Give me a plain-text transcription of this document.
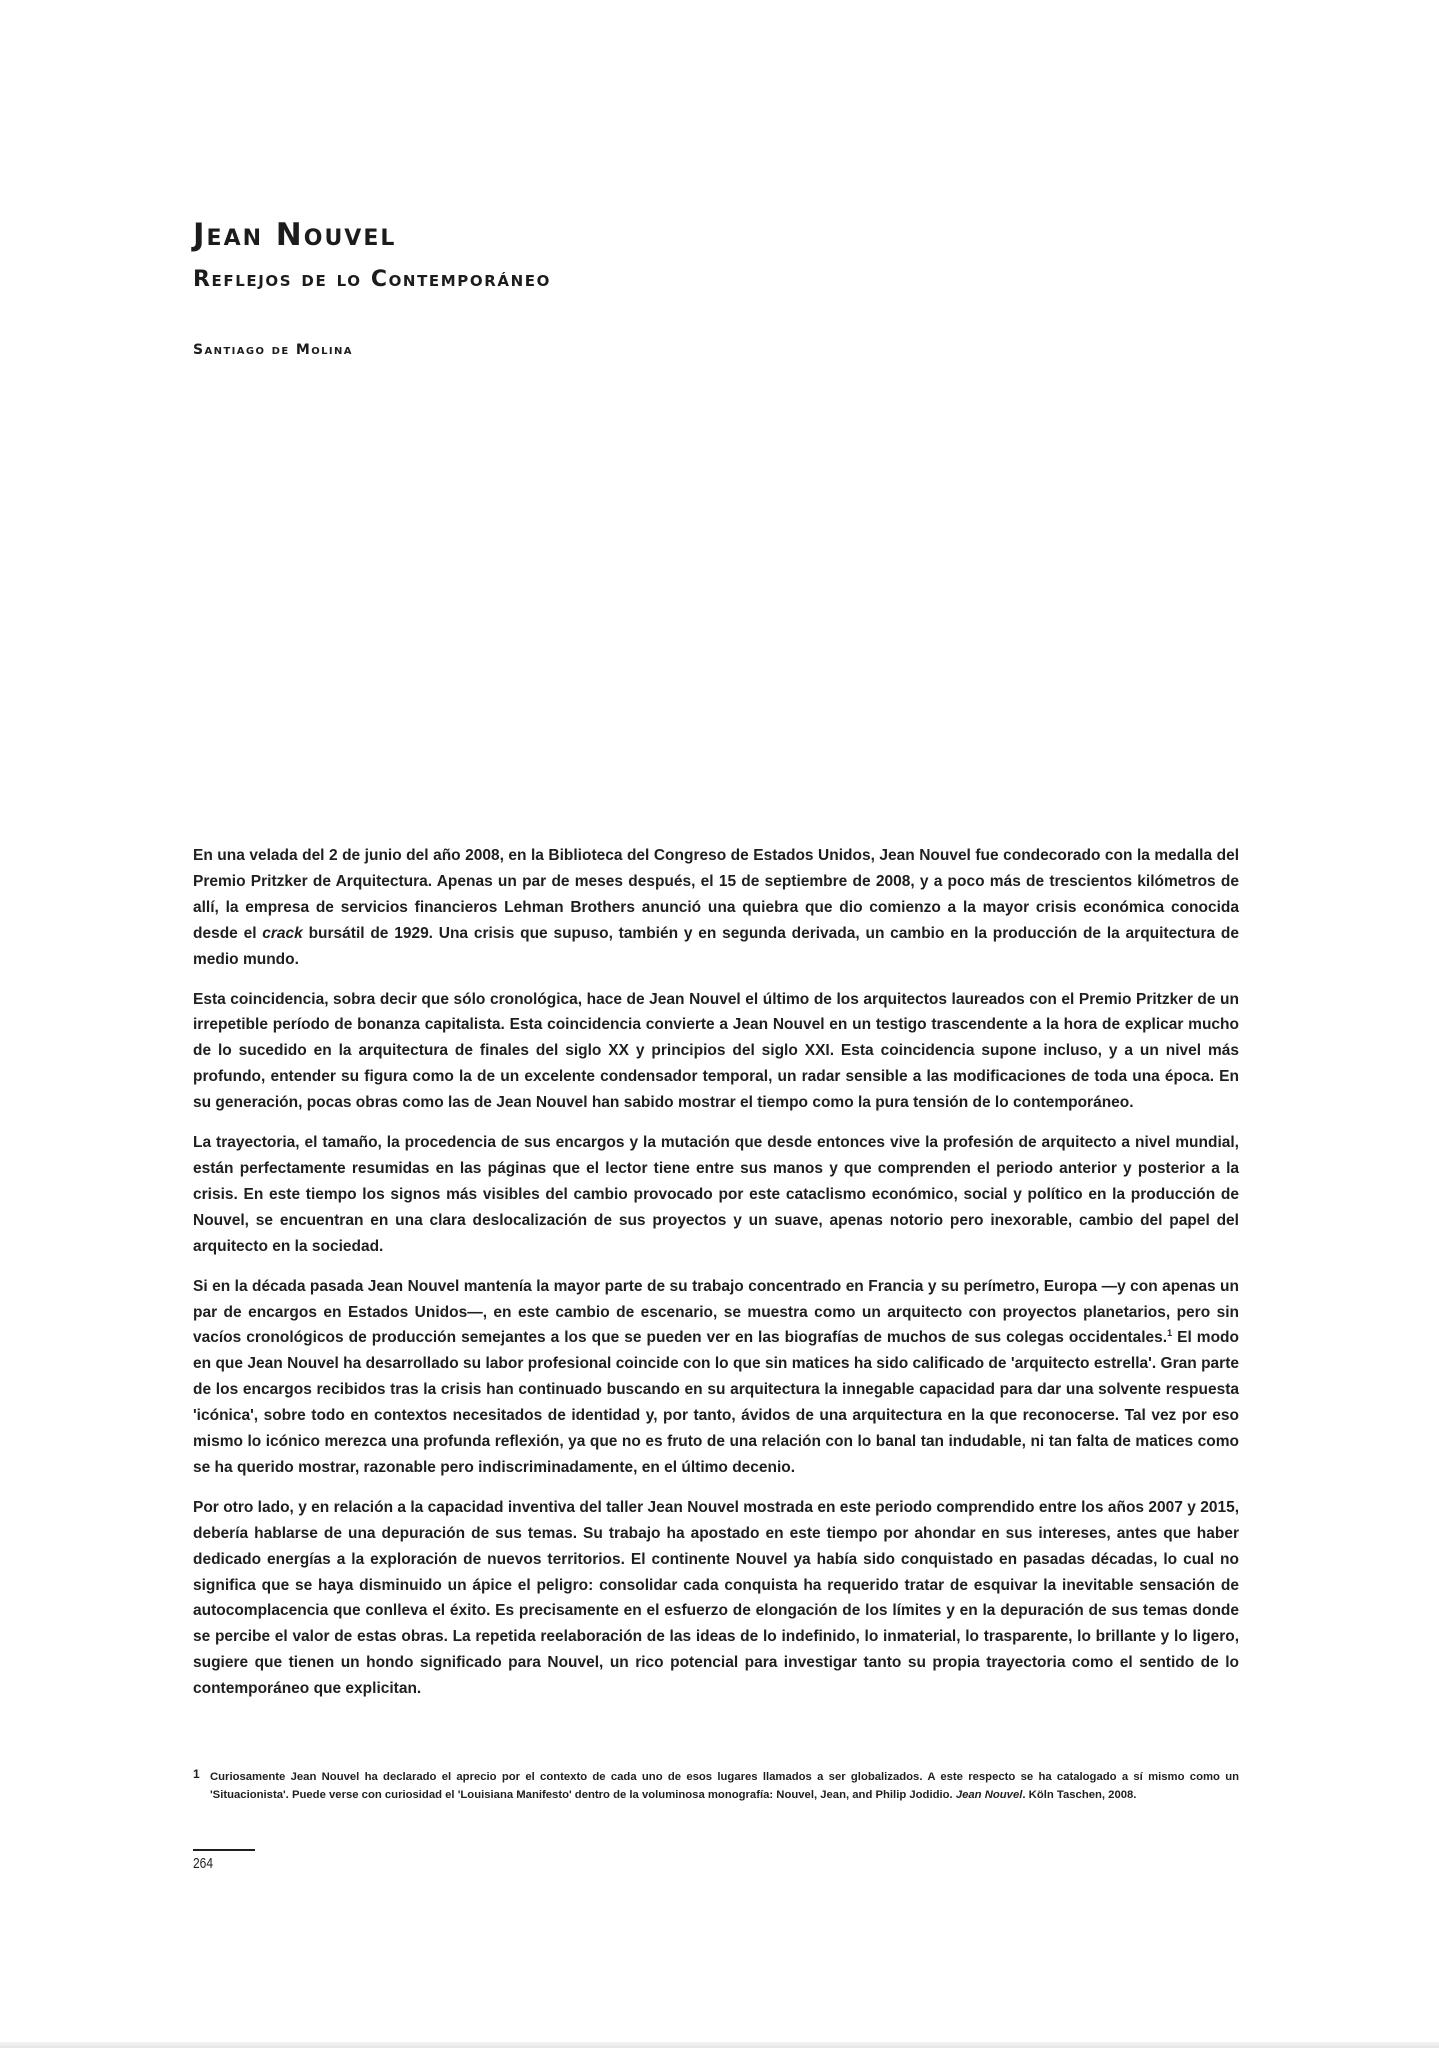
Jean Nouvel
Reflejos de lo Contemporáneo
Santiago de Molina

En una velada del 2 de junio del año 2008, en la Biblioteca del Congreso de Estados Unidos, Jean Nouvel fue condecorado con la medalla del Premio Pritzker de Arquitectura. Apenas un par de meses después, el 15 de septiembre de 2008, y a poco más de trescientos kilómetros de allí, la empresa de servicios financieros Lehman Brothers anunció una quiebra que dio comienzo a la mayor crisis económica conocida desde el crack bursátil de 1929. Una crisis que supuso, también y en segunda derivada, un cambio en la producción de la arquitectura de medio mundo.

Esta coincidencia, sobra decir que sólo cronológica, hace de Jean Nouvel el último de los arquitectos laureados con el Premio Pritzker de un irrepetible período de bonanza capitalista. Esta coincidencia convierte a Jean Nouvel en un testigo trascendente a la hora de explicar mucho de lo sucedido en la arquitectura de finales del siglo XX y principios del siglo XXI. Esta coincidencia supone incluso, y a un nivel más profundo, entender su figura como la de un excelente condensador temporal, un radar sensible a las modificaciones de toda una época. En su generación, pocas obras como las de Jean Nouvel han sabido mostrar el tiempo como la pura tensión de lo contemporáneo.

La trayectoria, el tamaño, la procedencia de sus encargos y la mutación que desde entonces vive la profesión de arquitecto a nivel mundial, están perfectamente resumidas en las páginas que el lector tiene entre sus manos y que comprenden el periodo anterior y posterior a la crisis. En este tiempo los signos más visibles del cambio provocado por este cataclismo económico, social y político en la producción de Nouvel, se encuentran en una clara deslocalización de sus proyectos y un suave, apenas notorio pero inexorable, cambio del papel del arquitecto en la sociedad.

Si en la década pasada Jean Nouvel mantenía la mayor parte de su trabajo concentrado en Francia y su perímetro, Europa —y con apenas un par de encargos en Estados Unidos—, en este cambio de escenario, se muestra como un arquitecto con proyectos planetarios, pero sin vacíos cronológicos de producción semejantes a los que se pueden ver en las biografías de muchos de sus colegas occidentales.$^1$ El modo en que Jean Nouvel ha desarrollado su labor profesional coincide con lo que sin matices ha sido calificado de 'arquitecto estrella'. Gran parte de los encargos recibidos tras la crisis han continuado buscando en su arquitectura la innegable capacidad para dar una solvente respuesta 'icónica', sobre todo en contextos necesitados de identidad y, por tanto, ávidos de una arquitectura en la que reconocerse. Tal vez por eso mismo lo icónico merezca una profunda reflexión, ya que no es fruto de una relación con lo banal tan indudable, ni tan falta de matices como se ha querido mostrar, razonable pero indiscriminadamente, en el último decenio.

Por otro lado, y en relación a la capacidad inventiva del taller Jean Nouvel mostrada en este periodo comprendido entre los años 2007 y 2015, debería hablarse de una depuración de sus temas. Su trabajo ha apostado en este tiempo por ahondar en sus intereses, antes que haber dedicado energías a la exploración de nuevos territorios. El continente Nouvel ya había sido conquistado en pasadas décadas, lo cual no significa que se haya disminuido un ápice el peligro: consolidar cada conquista ha requerido tratar de esquivar la inevitable sensación de autocomplacencia que conlleva el éxito. Es precisamente en el esfuerzo de elongación de los límites y en la depuración de sus temas donde se percibe el valor de estas obras. La repetida reelaboración de las ideas de lo indefinido, lo inmaterial, lo trasparente, lo brillante y lo ligero, sugiere que tienen un hondo significado para Nouvel, un rico potencial para investigar tanto su propia trayectoria como el sentido de lo contemporáneo que explicitan.

1 Curiosamente Jean Nouvel ha declarado el aprecio por el contexto de cada uno de esos lugares llamados a ser globalizados. A este respecto se ha catalogado a sí mismo como un 'Situacionista'. Puede verse con curiosidad el 'Louisiana Manifesto' dentro de la voluminosa monografía: Nouvel, Jean, and Philip Jodidio. Jean Nouvel. Köln Taschen, 2008.
264
